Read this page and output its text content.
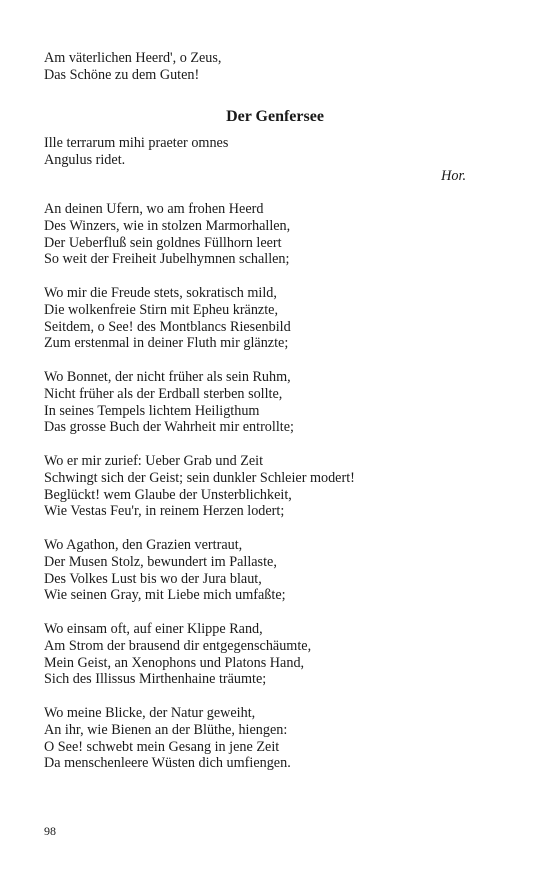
Am väterlichen Heerd', o Zeus,
Das Schöne zu dem Guten!
Der Genfersee
Ille terrarum mihi praeter omnes
Angulus ridet.
Hor.
An deinen Ufern, wo am frohen Heerd
Des Winzers, wie in stolzen Marmorhallen,
Der Ueberfluß sein goldnes Füllhorn leert
So weit der Freiheit Jubelhymnen schallen;
Wo mir die Freude stets, sokratisch mild,
Die wolkenfreie Stirn mit Epheu kränzte,
Seitdem, o See! des Montblancs Riesenbild
Zum erstenmal in deiner Fluth mir glänzte;
Wo Bonnet, der nicht früher als sein Ruhm,
Nicht früher als der Erdball sterben sollte,
In seines Tempels lichtem Heiligthum
Das grosse Buch der Wahrheit mir entrollte;
Wo er mir zurief: Ueber Grab und Zeit
Schwingt sich der Geist; sein dunkler Schleier modert!
Beglückt! wem Glaube der Unsterblichkeit,
Wie Vestas Feu'r, in reinem Herzen lodert;
Wo Agathon, den Grazien vertraut,
Der Musen Stolz, bewundert im Pallaste,
Des Volkes Lust bis wo der Jura blaut,
Wie seinen Gray, mit Liebe mich umfaßte;
Wo einsam oft, auf einer Klippe Rand,
Am Strom der brausend dir entgegenschäumte,
Mein Geist, an Xenophons und Platons Hand,
Sich des Illissus Mirthenhaine träumte;
Wo meine Blicke, der Natur geweiht,
An ihr, wie Bienen an der Blüthe, hiengen:
O See! schwebt mein Gesang in jene Zeit
Da menschenleere Wüsten dich umfiengen.
98
